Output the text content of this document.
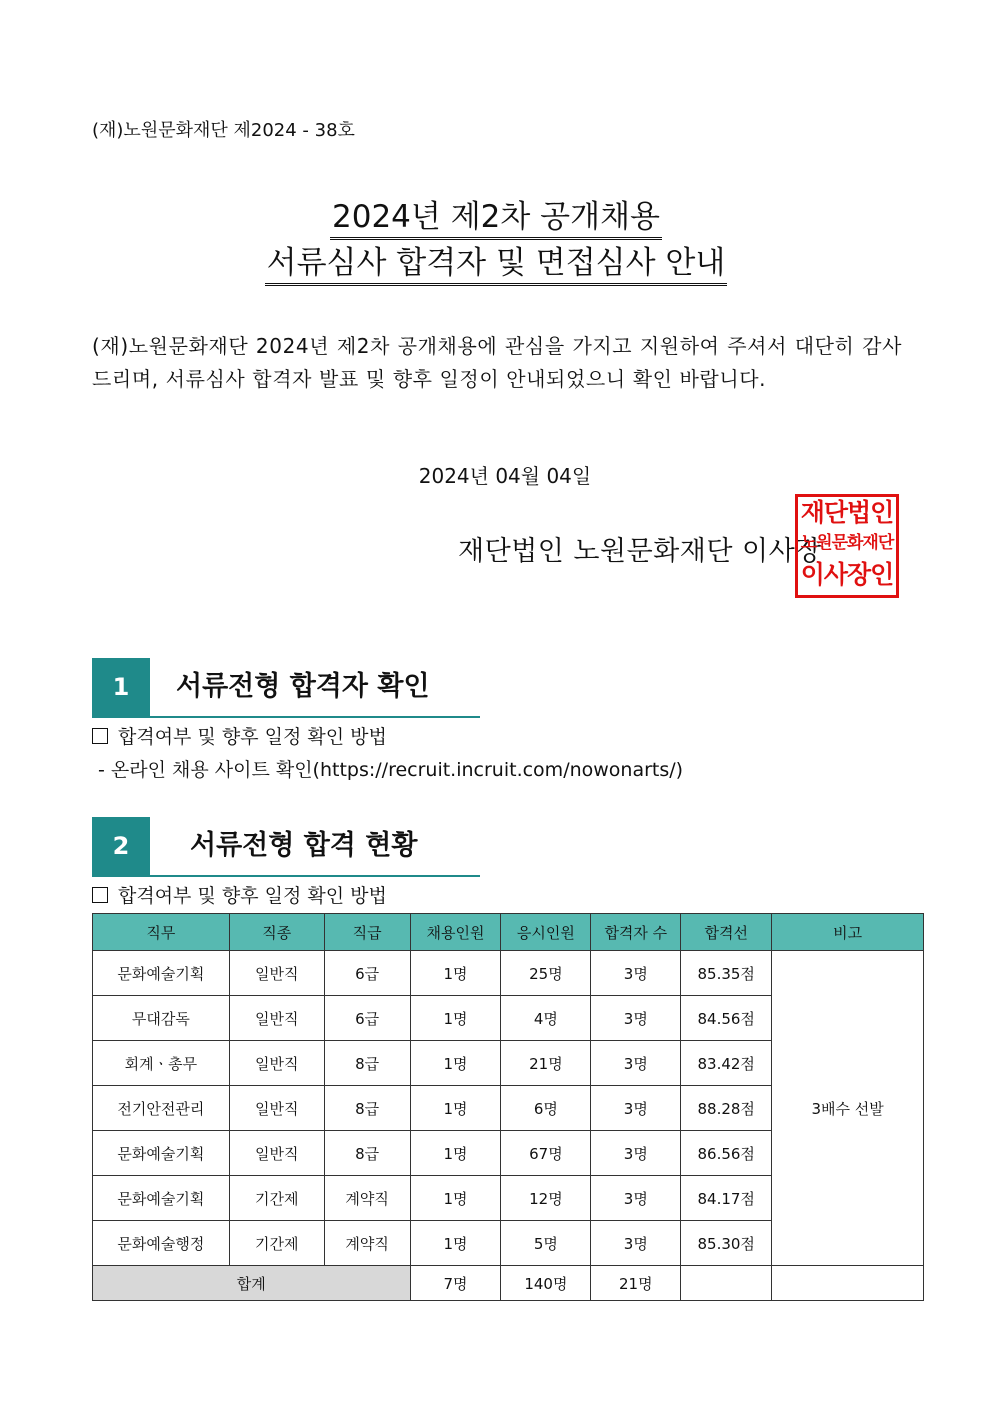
(재)노원문화재단 제2024 - 38호
2024년 제2차 공개채용
서류심사 합격자 및 면접심사 안내
(재)노원문화재단 2024년 제2차 공개채용에 관심을 가지고 지원하여 주셔서 대단히 감사드리며, 서류심사 합격자 발표 및 향후 일정이 안내되었으니 확인 바랍니다.
2024년 04월 04일
재단법인 노원문화재단 이사장
재단법인
노원문화재단
이사장인
1	서류전형 합격자 확인
합격여부 및 향후 일정 확인 방법
- 온라인 채용 사이트 확인(https://recruit.incruit.com/nowonarts/)
2	서류전형 합격 현황
합격여부 및 향후 일정 확인 방법
직무	직종	직급	채용인원	응시인원	합격자 수	합격선	비고
문화예술기획	일반직	6급	1명	25명	3명	85.35점	3배수 선발
무대감독	일반직	6급	1명	4명	3명	84.56점	
회계ㆍ총무	일반직	8급	1명	21명	3명	83.42점	
전기안전관리	일반직	8급	1명	6명	3명	88.28점	
문화예술기획	일반직	8급	1명	67명	3명	86.56점	
문화예술기획	기간제	계약직	1명	12명	3명	84.17점	
문화예술행정	기간제	계약직	1명	5명	3명	85.30점	
합계			7명	140명	21명		
